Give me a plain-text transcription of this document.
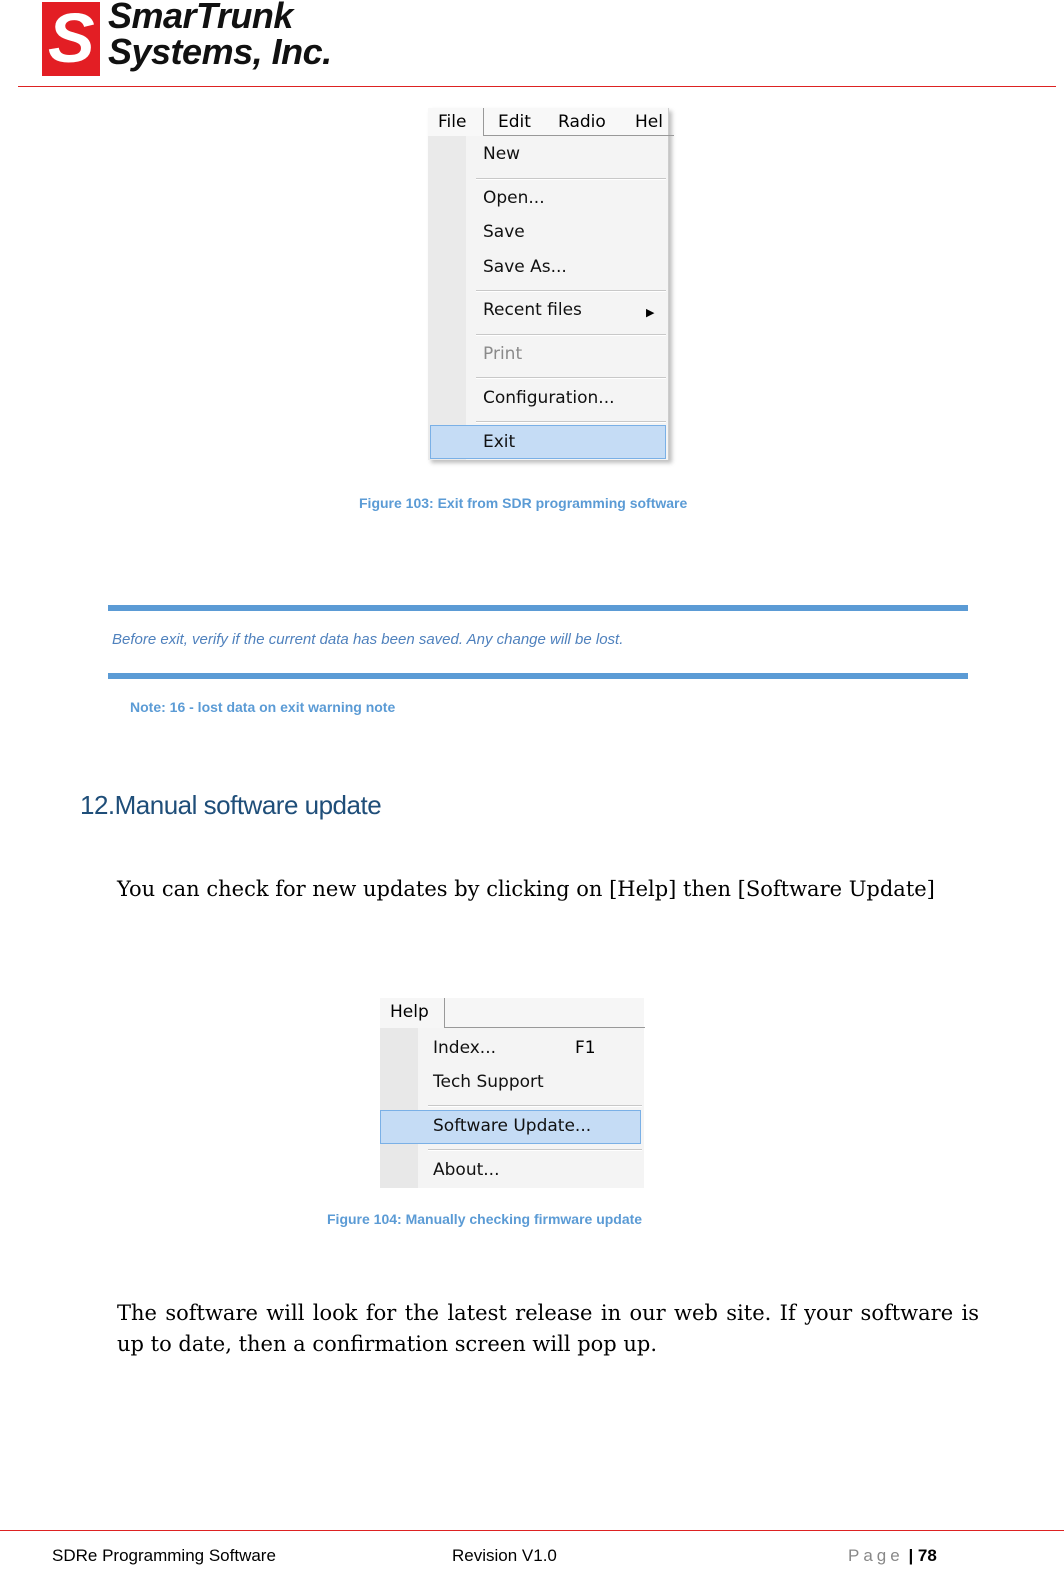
S SmarTrunk
Systems, Inc.
File Edit Radio Hel
New
Open...
Save
Save As...
Recent files	▶
Print
Configuration...
Exit
Figure 103: Exit from SDR programming software
Before exit, verify if the current data has been saved. Any change will be lost.
Note: 16 - lost data on exit warning note
12.Manual software update
You can check for new updates by clicking on [Help] then [Software Update]
Help
Index...	F1
Tech Support
Software Update...
About...
Figure 104: Manually checking firmware update
The software will look for the latest release in our web site. If your software is up to date, then a confirmation screen will pop up.
SDRe Programming Software	Revision V1.0	Page | 78
